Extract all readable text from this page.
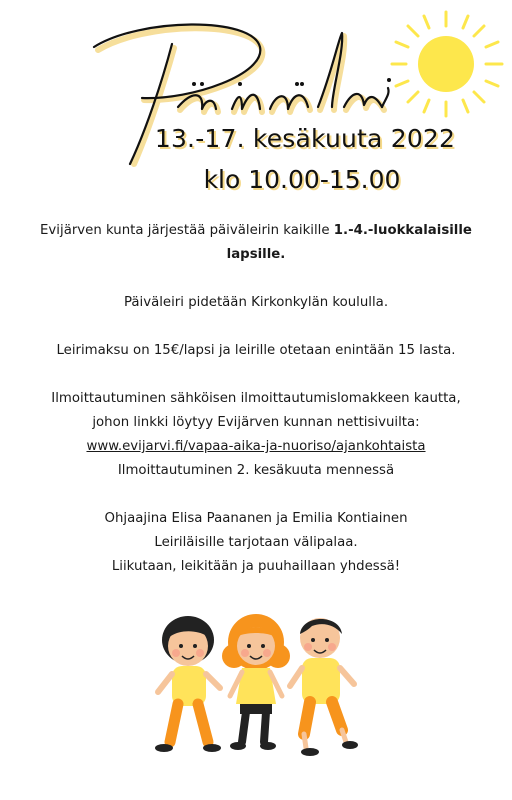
13.-17. kesäkuuta 2022
klo 10.00-15.00

Evijärven kunta järjestää päiväleirin kaikille 1.-4.-luokkalaisille lapsille.

Päiväleiri pidetään Kirkonkylän koululla.

Leirimaksu on 15€/lapsi ja leirille otetaan enintään 15 lasta.

Ilmoittautuminen sähköisen ilmoittautumislomakkeen kautta, johon linkki löytyy Evijärven kunnan nettisivuilta:

www.evijarvi.fi/vapaa-aika-ja-nuoriso/ajankohtaista

Ilmoittautuminen 2. kesäkuuta mennessä

Ohjaajina Elisa Paananen ja Emilia Kontiainen

Leiriläisille tarjotaan välipalaa.

Liikutaan, leikitään ja puuhaillaan yhdessä!
